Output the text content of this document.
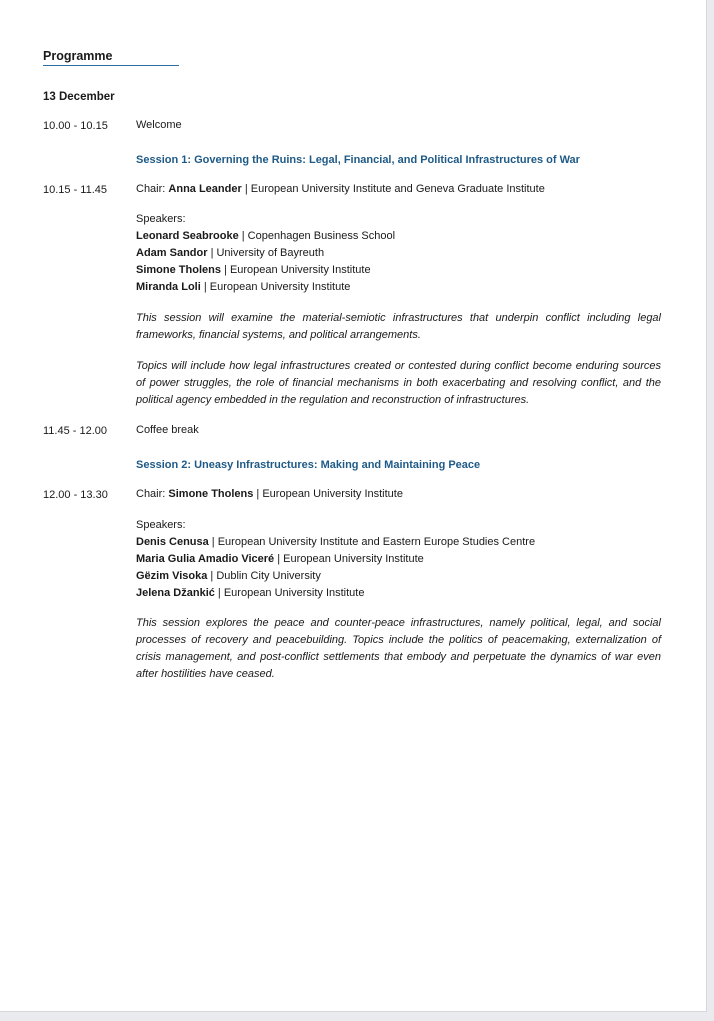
Programme
13 December
10.00 - 10.15	Welcome
Session 1: Governing the Ruins: Legal, Financial, and Political Infrastructures of War
10.15 - 11.45	Chair: Anna Leander | European University Institute and Geneva Graduate Institute
Speakers:
Leonard Seabrooke | Copenhagen Business School
Adam Sandor | University of Bayreuth
Simone Tholens | European University Institute
Miranda Loli | European University Institute
This session will examine the material-semiotic infrastructures that underpin conflict including legal frameworks, financial systems, and political arrangements.
Topics will include how legal infrastructures created or contested during conflict become enduring sources of power struggles, the role of financial mechanisms in both exacerbating and resolving conflict, and the political agency embedded in the regulation and reconstruction of infrastructures.
11.45 - 12.00	Coffee break
Session 2: Uneasy Infrastructures: Making and Maintaining Peace
12.00 - 13.30	Chair: Simone Tholens | European University Institute
Speakers:
Denis Cenusa | European University Institute and Eastern Europe Studies Centre
Maria Gulia Amadio Viceré | European University Institute
Gëzim Visoka | Dublin City University
Jelena Džankić | European University Institute
This session explores the peace and counter-peace infrastructures, namely political, legal, and social processes of recovery and peacebuilding. Topics include the politics of peacemaking, externalization of crisis management, and post-conflict settlements that embody and perpetuate the dynamics of war even after hostilities have ceased.
